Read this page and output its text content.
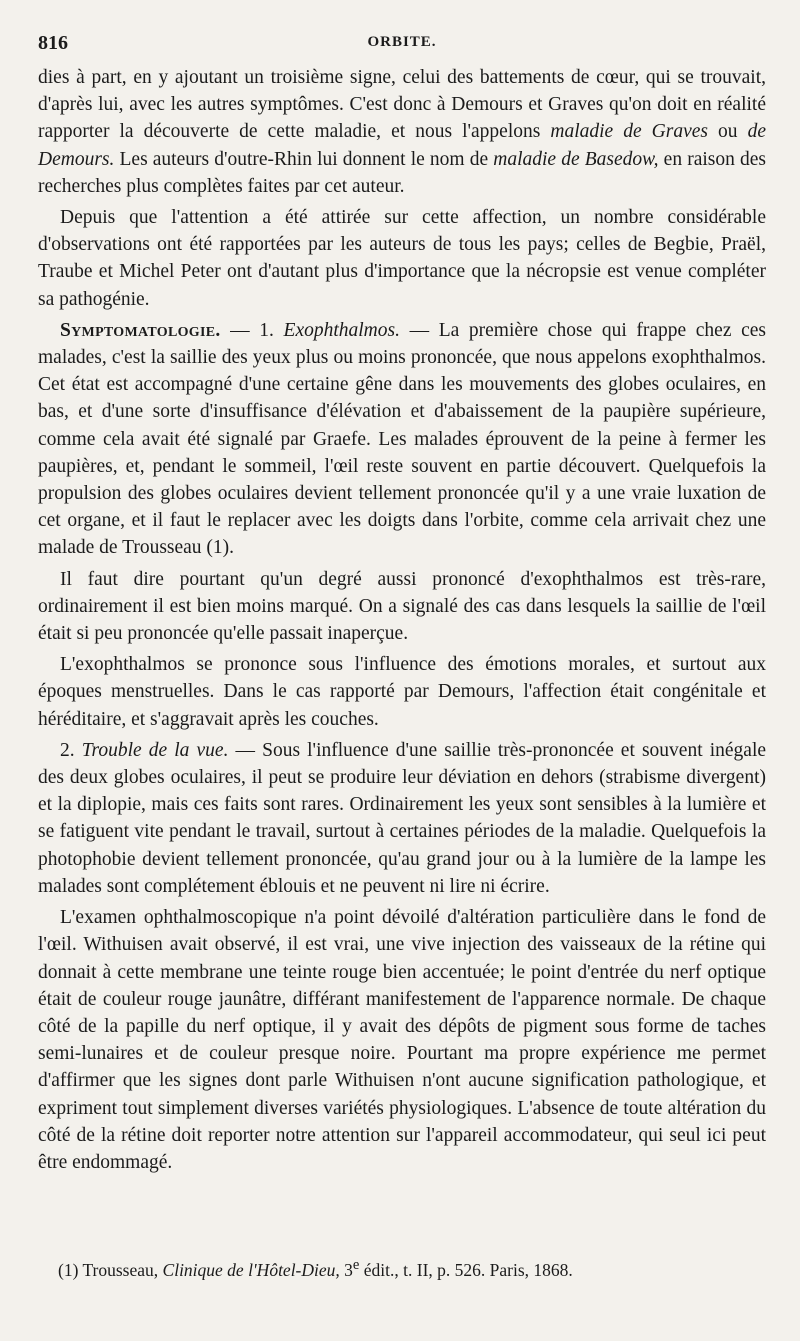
816	ORBITE.

dies à part, en y ajoutant un troisième signe, celui des battements de cœur, qui se trouvait, d'après lui, avec les autres symptômes. C'est donc à Demours et Graves qu'on doit en réalité rapporter la découverte de cette maladie, et nous l'appelons maladie de Graves ou de Demours. Les auteurs d'outre-Rhin lui donnent le nom de maladie de Basedow, en raison des recherches plus complètes faites par cet auteur.

Depuis que l'attention a été attirée sur cette affection, un nombre considérable d'observations ont été rapportées par les auteurs de tous les pays; celles de Begbie, Praël, Traube et Michel Peter ont d'autant plus d'importance que la nécropsie est venue compléter sa pathogénie.

Symptomatologie. — 1. Exophthalmos. — La première chose qui frappe chez ces malades, c'est la saillie des yeux plus ou moins prononcée, que nous appelons exophthalmos. Cet état est accompagné d'une certaine gêne dans les mouvements des globes oculaires, en bas, et d'une sorte d'insuffisance d'élévation et d'abaissement de la paupière supérieure, comme cela avait été signalé par Graefe. Les malades éprouvent de la peine à fermer les paupières, et, pendant le sommeil, l'œil reste souvent en partie découvert. Quelquefois la propulsion des globes oculaires devient tellement prononcée qu'il y a une vraie luxation de cet organe, et il faut le replacer avec les doigts dans l'orbite, comme cela arrivait chez une malade de Trousseau (1).

Il faut dire pourtant qu'un degré aussi prononcé d'exophthalmos est très-rare, ordinairement il est bien moins marqué. On a signalé des cas dans lesquels la saillie de l'œil était si peu prononcée qu'elle passait inaperçue.

L'exophthalmos se prononce sous l'influence des émotions morales, et surtout aux époques menstruelles. Dans le cas rapporté par Demours, l'affection était congénitale et héréditaire, et s'aggravait après les couches.

2. Trouble de la vue. — Sous l'influence d'une saillie très-prononcée et souvent inégale des deux globes oculaires, il peut se produire leur déviation en dehors (strabisme divergent) et la diplopie, mais ces faits sont rares. Ordinairement les yeux sont sensibles à la lumière et se fatiguent vite pendant le travail, surtout à certaines périodes de la maladie. Quelquefois la photophobie devient tellement prononcée, qu'au grand jour ou à la lumière de la lampe les malades sont complétement éblouis et ne peuvent ni lire ni écrire.

L'examen ophthalmoscopique n'a point dévoilé d'altération particulière dans le fond de l'œil. Withuisen avait observé, il est vrai, une vive injection des vaisseaux de la rétine qui donnait à cette membrane une teinte rouge bien accentuée; le point d'entrée du nerf optique était de couleur rouge jaunâtre, différant manifestement de l'apparence normale. De chaque côté de la papille du nerf optique, il y avait des dépôts de pigment sous forme de taches semi-lunaires et de couleur presque noire. Pourtant ma propre expérience me permet d'affirmer que les signes dont parle Withuisen n'ont aucune signification pathologique, et expriment tout simplement diverses variétés physiologiques. L'absence de toute altération du côté de la rétine doit reporter notre attention sur l'appareil accommodateur, qui seul ici peut être endommagé.

(1) Trousseau, Clinique de l'Hôtel-Dieu, 3e édit., t. II, p. 526. Paris, 1868.
